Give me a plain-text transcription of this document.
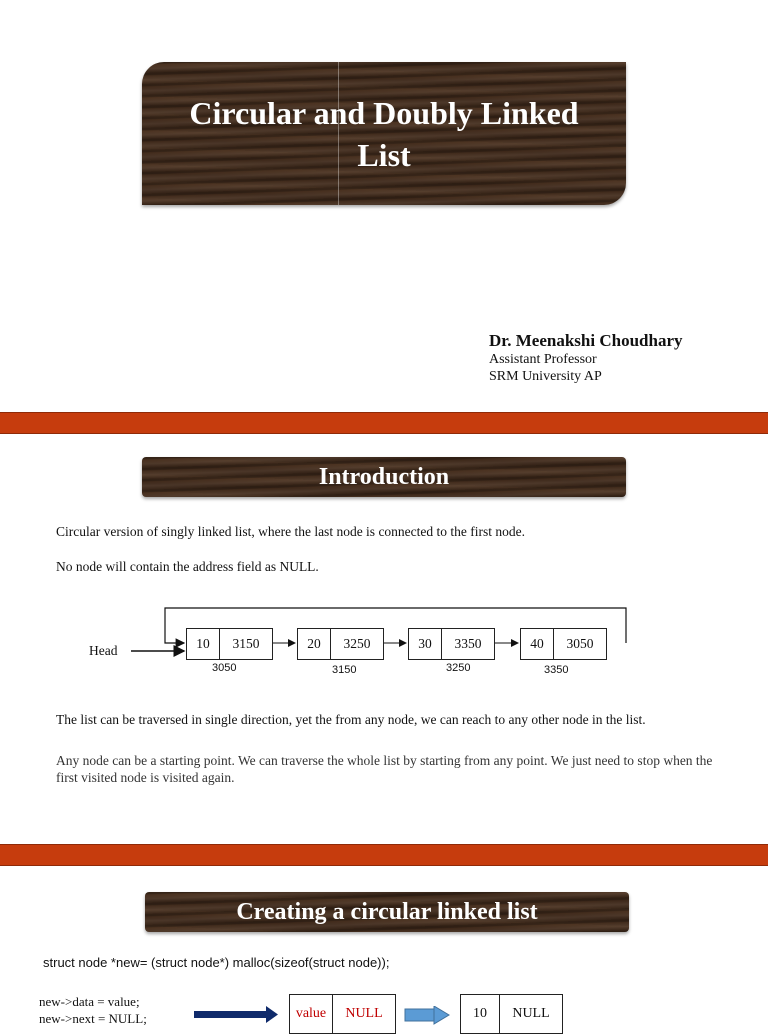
Circular and Doubly Linked List
Dr. Meenakshi Choudhary
Assistant Professor
SRM University AP
Introduction
Circular version of singly linked list, where the last node is connected to the first node.
No node will contain the address field as NULL.
Head	10	3150	20	3250	30	3350	40	3050
3050	3150	3250	3350
The list can be traversed in single direction, yet the from any node, we can reach to any other node in the list.
Any node can be a starting point. We can traverse the whole list by starting from any point. We just need to stop when the first visited node is visited again.
Creating a circular linked list
struct node *new= (struct node*) malloc(sizeof(struct node));
new->data = value;
new->next = NULL;	value	NULL	10	NULL
